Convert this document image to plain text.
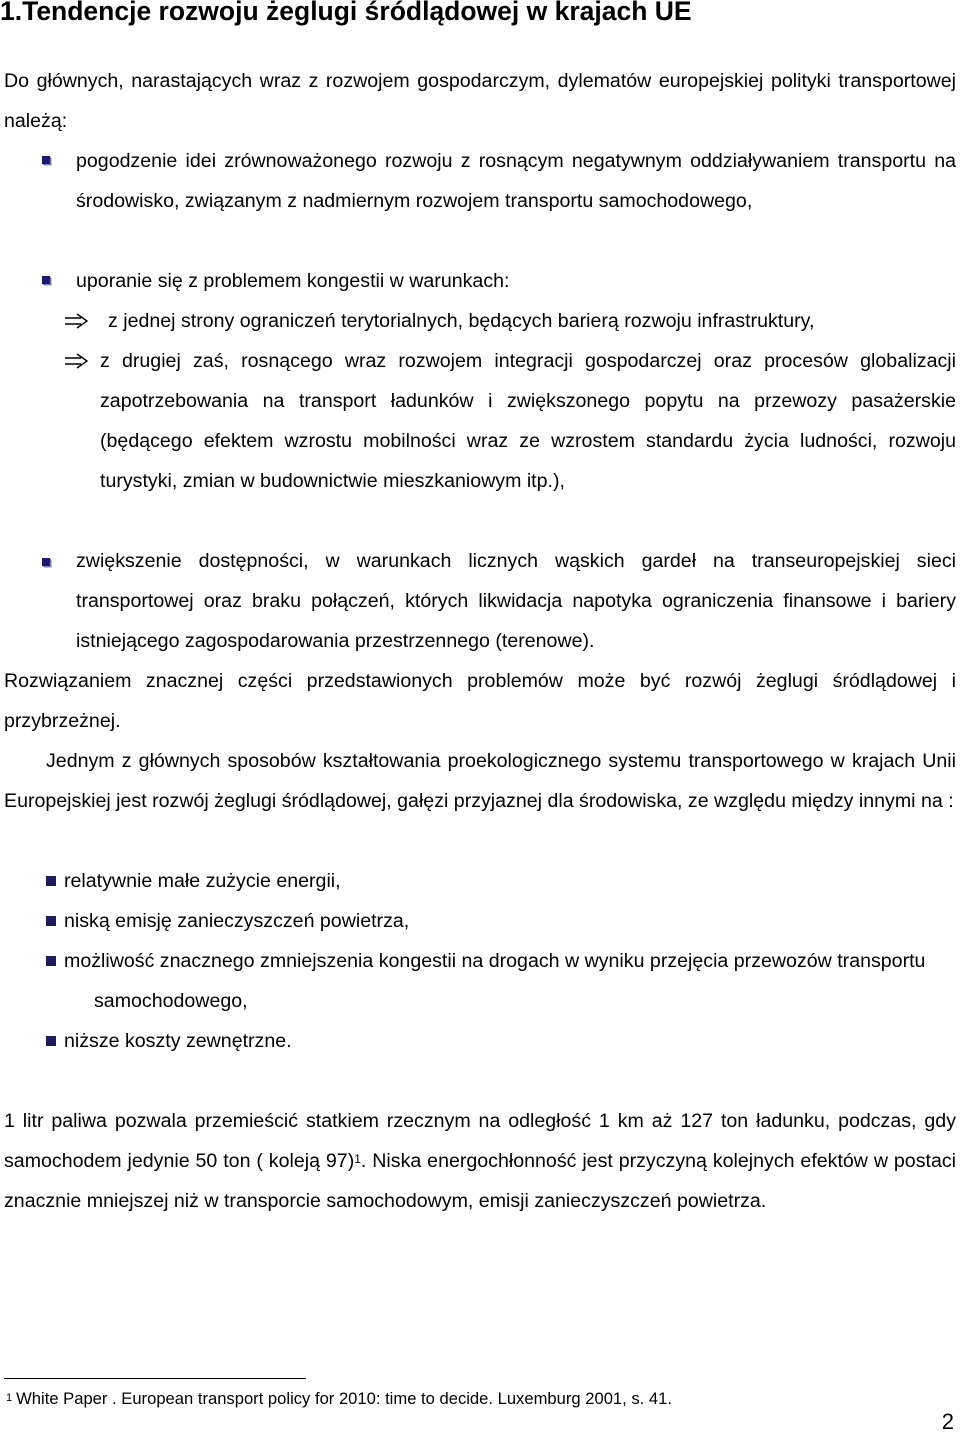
1.Tendencje rozwoju żeglugi śródlądowej w krajach UE

Do głównych, narastających wraz z rozwojem gospodarczym, dylematów europejskiej polityki transportowej należą:

pogodzenie idei zrównoważonego rozwoju z rosnącym negatywnym oddziaływaniem transportu na środowisko, związanym z nadmiernym rozwojem transportu samochodowego,

uporanie się z problemem kongestii w warunkach:

z jednej strony ograniczeń terytorialnych, będących barierą rozwoju infrastruktury,

z drugiej zaś, rosnącego wraz rozwojem integracji gospodarczej oraz procesów globalizacji zapotrzebowania na transport ładunków i zwiększonego popytu na przewozy pasażerskie (będącego efektem wzrostu mobilności wraz ze wzrostem standardu życia ludności, rozwoju turystyki, zmian w budownictwie mieszkaniowym itp.),

zwiększenie dostępności, w warunkach licznych wąskich gardeł na transeuropejskiej sieci transportowej oraz braku połączeń, których likwidacja napotyka ograniczenia finansowe i bariery istniejącego zagospodarowania przestrzennego (terenowe).

Rozwiązaniem znacznej części przedstawionych problemów może być rozwój żeglugi śródlądowej i przybrzeżnej.

Jednym z głównych sposobów kształtowania proekologicznego systemu transportowego w krajach Unii Europejskiej jest rozwój żeglugi śródlądowej, gałęzi przyjaznej dla środowiska, ze względu między innymi na :

relatywnie małe zużycie energii,

niską emisję zanieczyszczeń powietrza,

możliwość znacznego zmniejszenia kongestii na drogach w wyniku przejęcia przewozów transportu samochodowego,

niższe koszty zewnętrzne.

1 litr paliwa pozwala przemieścić statkiem rzecznym na odległość 1 km aż 127 ton ładunku, podczas, gdy samochodem jedynie 50 ton ( koleją 97)$^1$. Niska energochłonność jest przyczyną kolejnych efektów w postaci znacznie mniejszej niż w transporcie samochodowym, emisji zanieczyszczeń powietrza.

$^1$ White Paper . European transport policy for 2010: time to decide. Luxemburg 2001, s. 41.
2
